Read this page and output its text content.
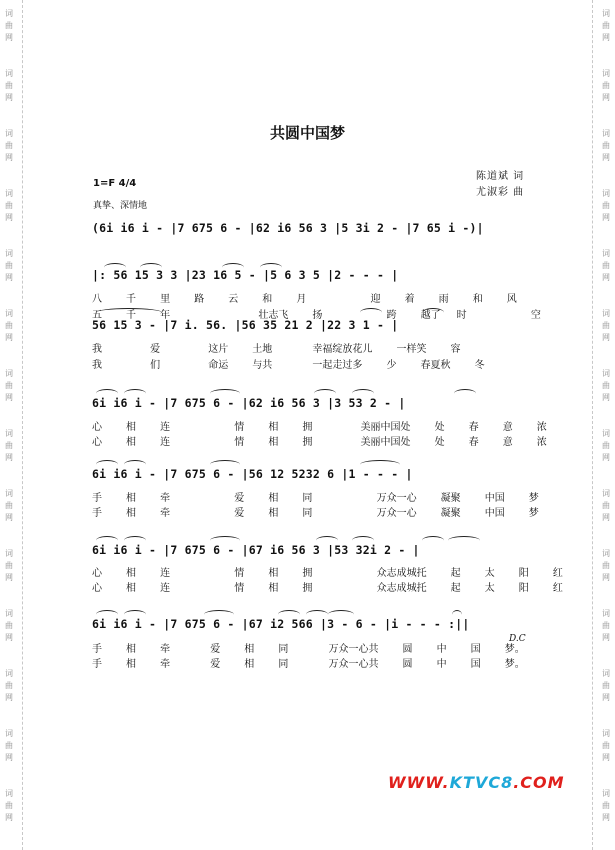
词曲网
词曲网
词曲网
词曲网
词曲网
词曲网
词曲网
词曲网
词曲网
词曲网
词曲网
词曲网
词曲网
词曲网
词曲网
词曲网
词曲网
词曲网
词曲网
词曲网
词曲网
词曲网
词曲网
词曲网
词曲网
词曲网
词曲网
词曲网
共圆中国梦
陈道斌 词
尤淑彩 曲
1=F 4/4
真挚、深情地
(6i i6 i - |7 675 6 - |62 i6 56 3 |5 3i 2 - |7 65 i -)|
|: 56 15 3 3 |23 16 5 - |5 6 3 5 |2 - - - |
八   千   里   路   云   和   月        迎   着   雨   和   风
五   千   年           壮志飞   扬        跨   越了  时        空
56 15 3 - |7 i. 56. |56 35 21 2 |22 3 1 - |
我      爱      这片   土地     幸福绽放花儿   一样笑   容
我      们      命运   与共     一起走过多   少   春夏秋   冬
6i i6 i - |7 675 6 - |62 i6 56 3 |3 53 2 - |
心   相   连        情   相   拥      美丽中国处   处   春   意   浓
心   相   连        情   相   拥      美丽中国处   处   春   意   浓
6i i6 i - |7 675 6 - |56 12 5232 6 |1 - - - |
手   相   牵        爱   相   同        万众一心   凝聚   中国   梦
手   相   牵        爱   相   同        万众一心   凝聚   中国   梦
6i i6 i - |7 675 6 - |67 i6 56 3 |53 32i 2 - |
心   相   连        情   相   拥        众志成城托   起   太   阳   红
心   相   连        情   相   拥        众志成城托   起   太   阳   红
6i i6 i - |7 675 6 - |67 i2 566 |3 - 6 - |i - - - :||
手   相   牵     爱   相   同     万众一心共   圆   中   国   梦。
手   相   牵     爱   相   同     万众一心共   圆   中   国   梦。
D.C
WWW.KTVC8.COM
